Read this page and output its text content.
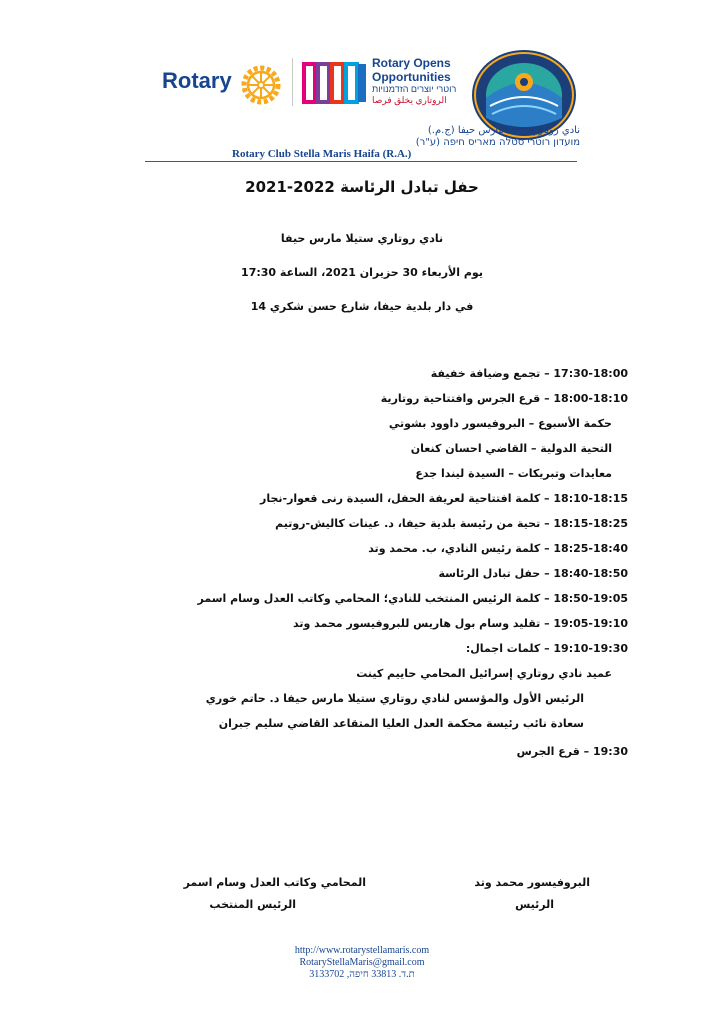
Rotary
Rotary Opens
Opportunities
רוטרי יוצרים הזדמנויות
الروتاري يخلق فرصا
نادي روتاري ستيلا مارس حيفا (ج.م.)
מועדון רוטרי סטלה מאריס חיפה (ע"ר)
Rotary Club Stella Maris Haifa (R.A.)
حفل تبادل الرئاسة 2022-2021
نادي روتاري ستيلا مارس حيفا
يوم الأربعاء 30 حزيران 2021، الساعة 17:30
في دار بلدية حيفا، شارع حسن شكري 14
17:30-18:00 – تجمع وضيافة خفيفة
18:00-18:10 – قرع الجرس وافتتاحية روتارية
حكمة الأسبوع – البروفيسور داوود بشوتي
التحية الدولية – القاضي احسان كنعان
معايدات وتبريكات – السيدة ليندا جدع
18:10-18:15 – كلمة افتتاحية لعريفة الحفل، السيدة رنى قعوار-نجار
18:15-18:25 – تحية من رئيسة بلدية حيفا، د. عينات كاليش-روتيم
18:25-18:40 – كلمة رئيس النادي، ب. محمد وتد
18:40-18:50 – حفل تبادل الرئاسة
18:50-19:05 – كلمة الرئيس المنتخب للنادي؛ المحامي وكاتب العدل وسام اسمر
19:05-19:10 – تقليد وسام بول هاريس للبروفيسور محمد وتد
19:10-19:30 – كلمات اجمال:
عميد نادي روتاري إسرائيل المحامي حاييم كينت
الرئيس الأول والمؤسس لنادي روتاري ستيلا مارس حيفا د. حاتم خوري
سعادة نائب رئيسة محكمة العدل العليا المتقاعد القاضي سليم جبران
19:30 – قرع الجرس
البروفيسور محمد وتد
الرئيس
المحامي وكاتب العدل وسام اسمر
الرئيس المنتخب
http://www.rotarystellamaris.com
RotaryStellaMaris@gmail.com
ת.ד. 33813 חיפה, 3133702
